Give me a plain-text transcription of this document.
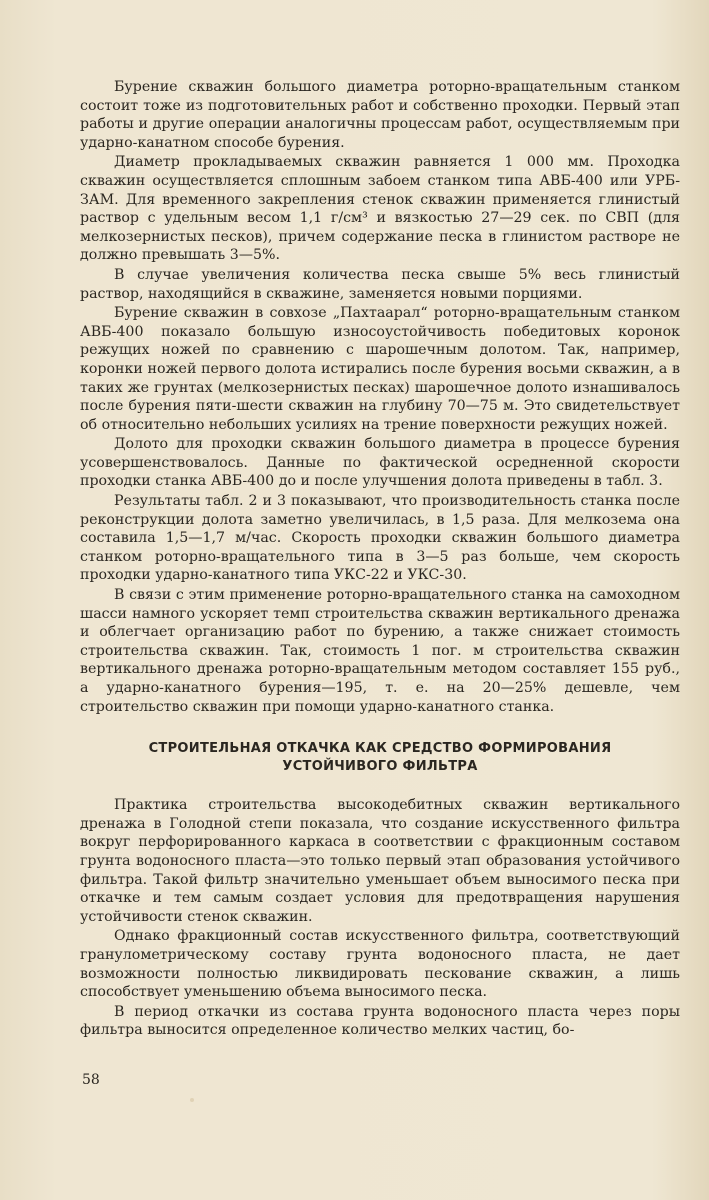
Бурение скважин большого диаметра роторно-вращательным станком состоит тоже из подготовительных работ и собственно проходки. Первый этап работы и другие операции аналогичны процессам работ, осуществляемым при ударно-канатном способе бурения.

Диаметр прокладываемых скважин равняется 1 000 мм. Проходка скважин осуществляется сплошным забоем станком типа АВБ-400 или УРБ-ЗАМ. Для временного закрепления стенок скважин применяется глинистый раствор с удельным весом 1,1 г/см³ и вязкостью 27—29 сек. по СВП (для мелкозернистых песков), причем содержание песка в глинистом растворе не должно превышать 3—5%.

В случае увеличения количества песка свыше 5% весь глинистый раствор, находящийся в скважине, заменяется новыми порциями.

Бурение скважин в совхозе „Пахтаарал“ роторно-вращательным станком АВБ-400 показало большую износоустойчивость победитовых коронок режущих ножей по сравнению с шарошечным долотом. Так, например, коронки ножей первого долота истирались после бурения восьми скважин, а в таких же грунтах (мелкозернистых песках) шарошечное долото изнашивалось после бурения пяти-шести скважин на глубину 70—75 м. Это свидетельствует об относительно небольших усилиях на трение поверхности режущих ножей.

Долото для проходки скважин большого диаметра в процессе бурения усовершенствовалось. Данные по фактической осредненной скорости проходки станка АВБ-400 до и после улучшения долота приведены в табл. 3.

Результаты табл. 2 и 3 показывают, что производительность станка после реконструкции долота заметно увеличилась, в 1,5 раза. Для мелкозема она составила 1,5—1,7 м/час. Скорость проходки скважин большого диаметра станком роторно-вращательного типа в 3—5 раз больше, чем скорость проходки ударно-канатного типа УКС-22 и УКС-30.

В связи с этим применение роторно-вращательного станка на самоходном шасси намного ускоряет темп строительства скважин вертикального дренажа и облегчает организацию работ по бурению, а также снижает стоимость строительства скважин. Так, стоимость 1 пог. м строительства скважин вертикального дренажа роторно-вращательным методом составляет 155 руб., а ударно-канатного бурения—195, т. е. на 20—25% дешевле, чем строительство скважин при помощи ударно-канатного станка.

СТРОИТЕЛЬНАЯ ОТКАЧКА КАК СРЕДСТВО ФОРМИРОВАНИЯ
УСТОЙЧИВОГО ФИЛЬТРА

Практика строительства высокодебитных скважин вертикального дренажа в Голодной степи показала, что создание искусственного фильтра вокруг перфорированного каркаса в соответствии с фракционным составом грунта водоносного пласта—это только первый этап образования устойчивого фильтра. Такой фильтр значительно уменьшает объем выносимого песка при откачке и тем самым создает условия для предотвращения нарушения устойчивости стенок скважин.

Однако фракционный состав искусственного фильтра, соответствующий гранулометрическому составу грунта водоносного пласта, не дает возможности полностью ликвидировать пескование скважин, а лишь способствует уменьшению объема выносимого песка.

В период откачки из состава грунта водоносного пласта через поры фильтра выносится определенное количество мелких частиц, бо-

58
